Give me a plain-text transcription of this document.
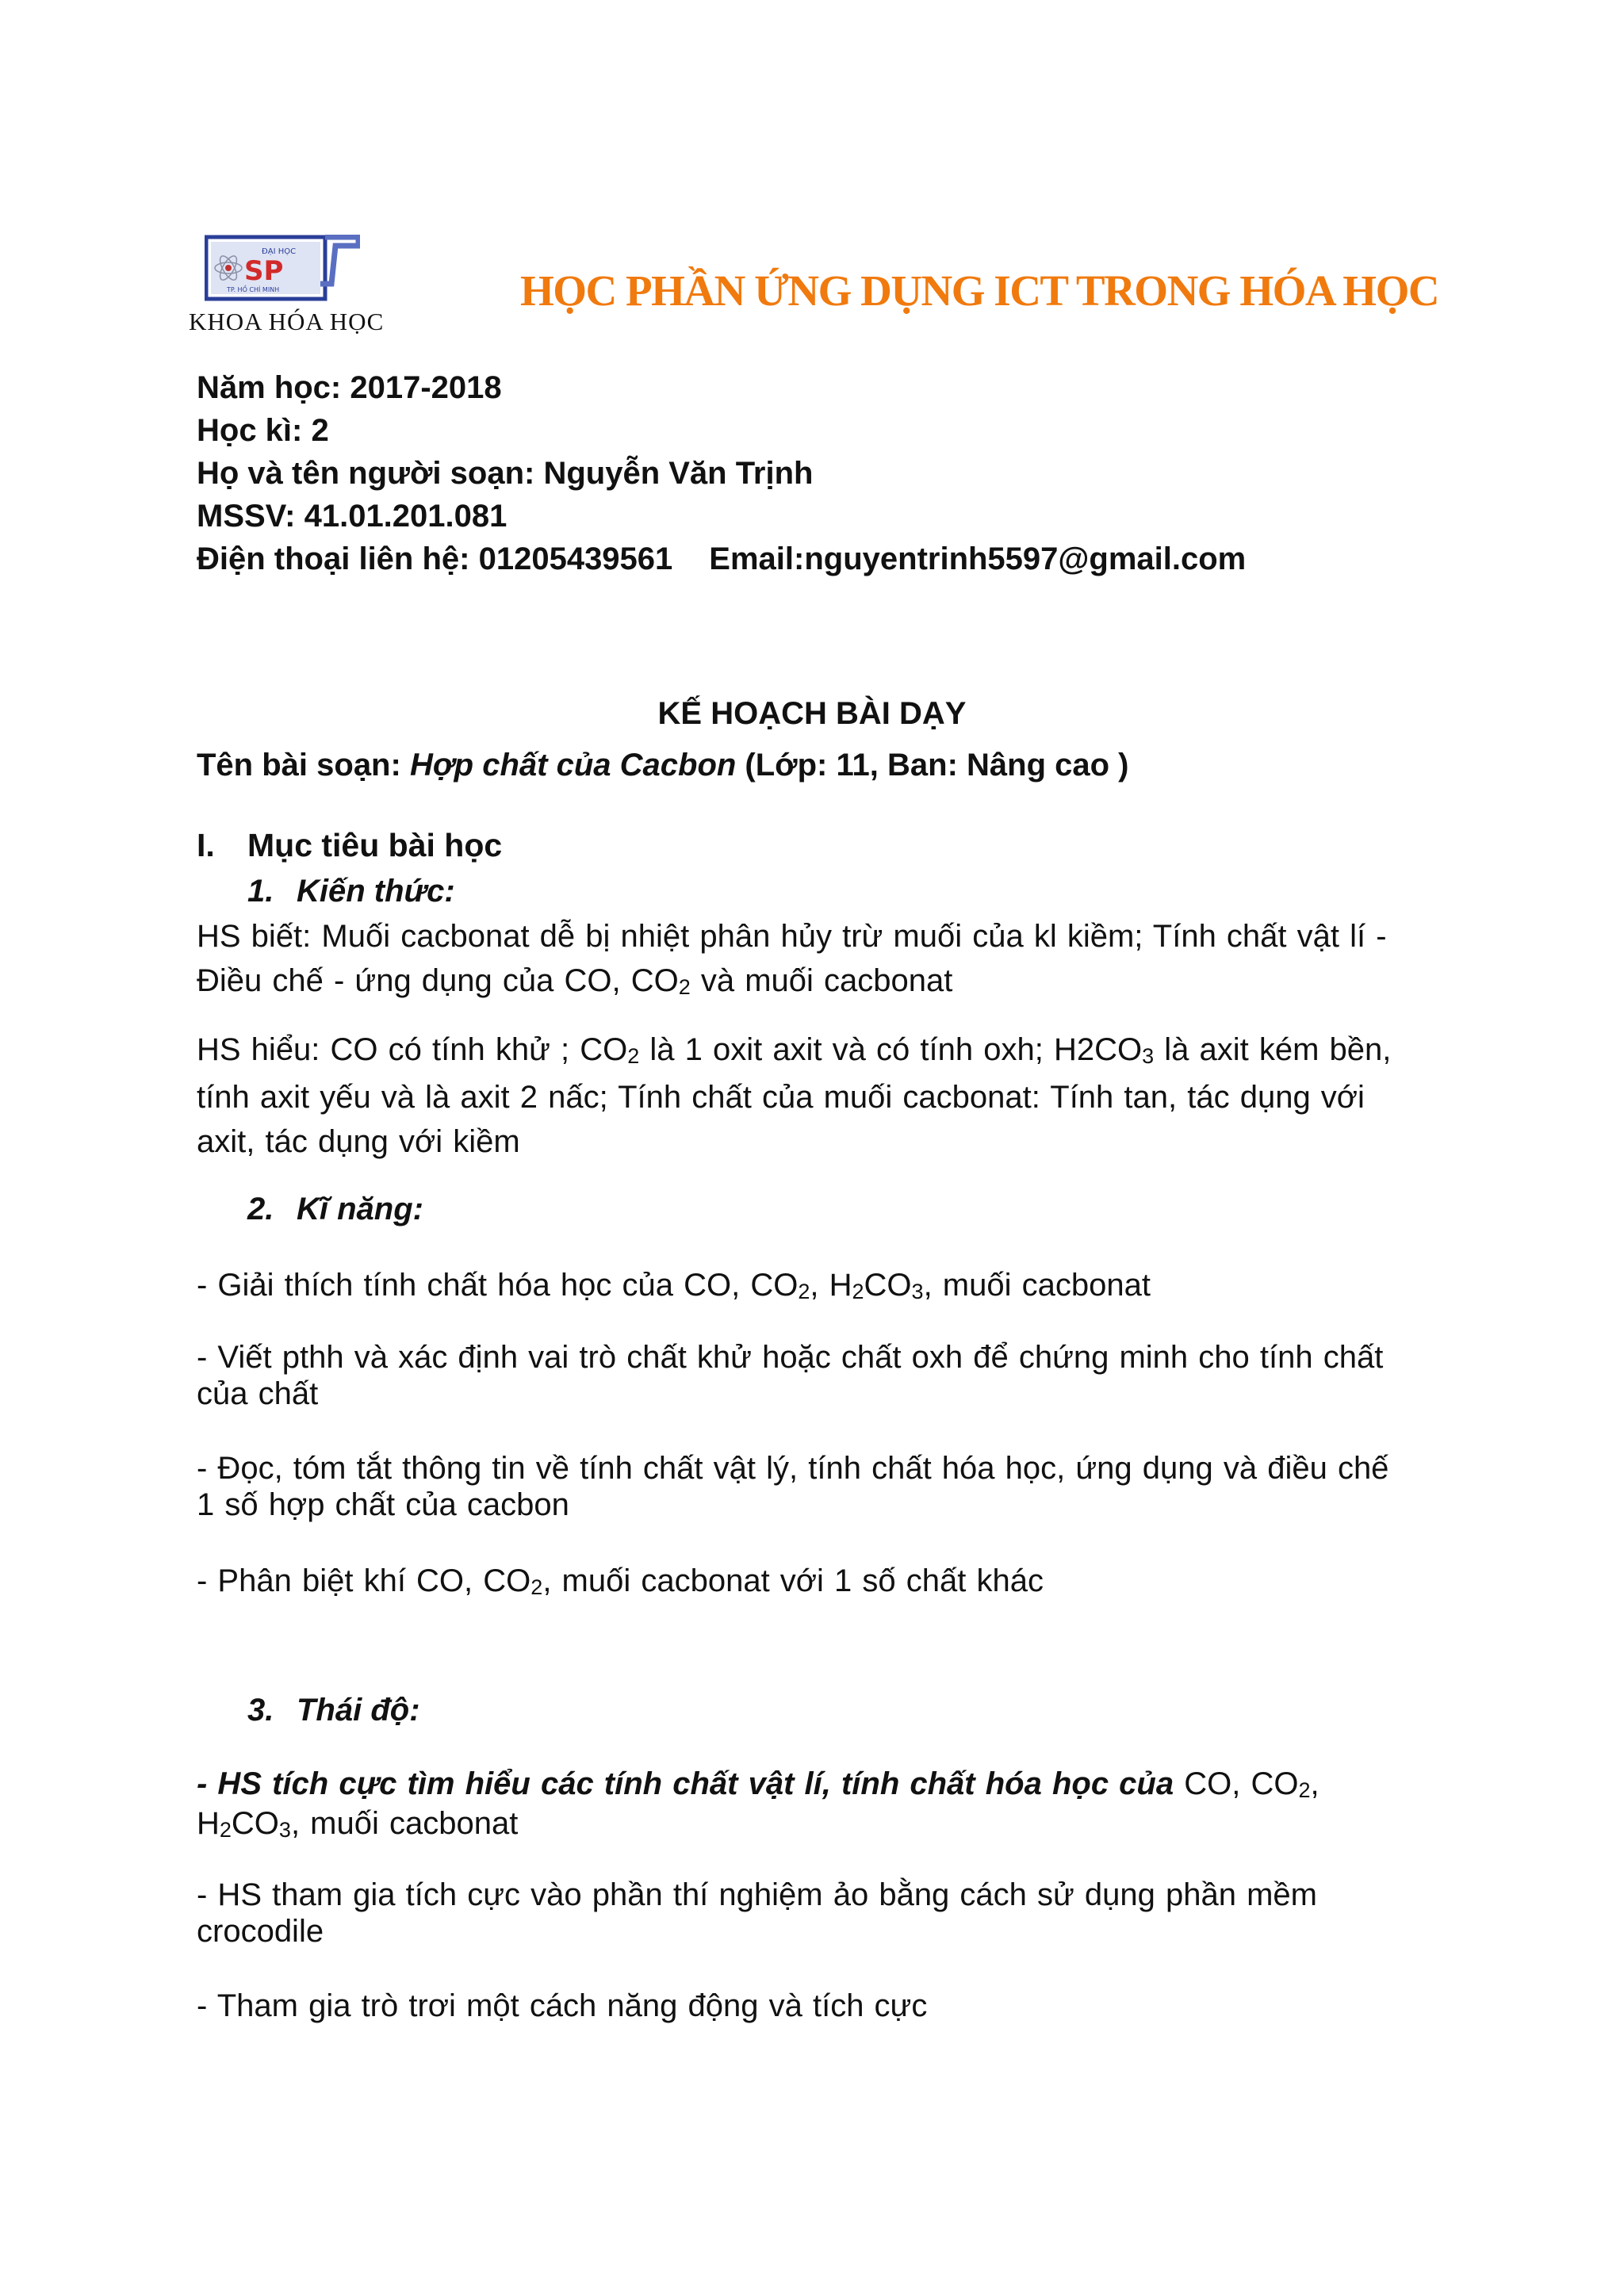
ĐẠI HỌC
SP
TP. HỒ CHÍ MINH
KHOA HÓA HỌC
HỌC PHẦN ỨNG DỤNG ICT TRONG HÓA HỌC
Năm học: 2017-2018
Học kì: 2
Họ và tên người soạn: Nguyễn Văn Trịnh
MSSV: 41.01.201.081
Điện thoại liên hệ: 01205439561 Email:nguyentrinh5597@gmail.com
KẾ HOẠCH BÀI DẠY
Tên bài soạn: Hợp chất của Cacbon (Lớp: 11, Ban: Nâng cao )
I. Mục tiêu bài học
1. Kiến thức:
HS biết: Muối cacbonat dễ bị nhiệt phân hủy trừ muối của kl kiềm; Tính chất vật lí - Điều chế - ứng dụng của CO, $CO_2$ và muối cacbonat
HS hiểu: CO có tính khử ; $CO_2$ là 1 oxit axit và có tính oxh; $H2CO_3$ là axit kém bền, tính axit yếu và là axit 2 nấc; Tính chất của muối cacbonat: Tính tan, tác dụng với axit, tác dụng với kiềm
2. Kĩ năng:
- Giải thích tính chất hóa học của CO, $CO_2$, $H_2CO_3$, muối cacbonat
- Viết pthh và xác định vai trò chất khử hoặc chất oxh để chứng minh cho tính chất của chất
- Đọc, tóm tắt thông tin về tính chất vật lý, tính chất hóa học, ứng dụng và điều chế 1 số hợp chất của cacbon
- Phân biệt khí CO, $CO_2$, muối cacbonat với 1 số chất khác
3. Thái độ:
- HS tích cực tìm hiểu các tính chất vật lí, tính chất hóa học của CO, $CO_2$, $H_2CO_3$, muối cacbonat
- HS tham gia tích cực vào phần thí nghiệm ảo bằng cách sử dụng phần mềm crocodile
- Tham gia trò trơi một cách năng động và tích cực
